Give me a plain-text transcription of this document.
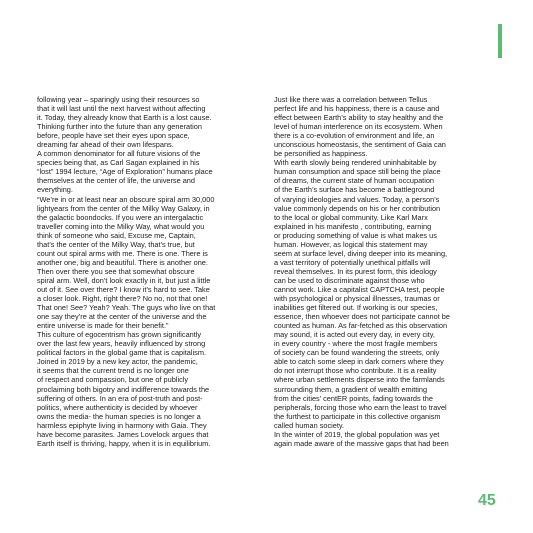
following year – sparingly using their resources so
that it will last until the next harvest without affecting
it. Today, they already know that Earth is a lost cause.
Thinking further into the future than any generation
before, people have set their eyes upon space,
dreaming far ahead of their own lifespans.
A common denominator for all future visions of the
species being that, as Carl Sagan explained in his
“lost” 1994 lecture, “Age of Exploration” humans place
themselves at the center of life, the universe and
everything.
“We’re in or at least near an obscure spiral arm 30,000
lightyears from the center of the Milky Way Galaxy, in
the galactic boondocks. If you were an intergalactic
traveller coming into the Milky Way, what would you
think of someone who said, Excuse me, Captain,
that’s the center of the Milky Way, that’s true, but
count out spiral arms with me. There is one. There is
another one, big and beautiful. There is another one.
Then over there you see that somewhat obscure
spiral arm. Well, don’t look exactly in it, but just a little
out of it. See over there? I know it’s hard to see. Take
a closer look. Right, right there? No no, not that one!
That one! See? Yeah? Yeah. The guys who live on that
one say they’re at the center of the universe and the
entire universe is made for their benefit.”
This culture of egocentrism has grown significantly
over the last few years, heavily influenced by strong
political factors in the global game that is capitalism.
Joined in 2019 by a new key actor, the pandemic,
it seems that the current trend is no longer one
of respect and compassion, but one of publicly
proclaiming both bigotry and indifference towards the
suffering of others. In an era of post-truth and post-
politics, where authenticity is decided by whoever
owns the media- the human species is no longer a
harmless epiphyte living in harmony with Gaia. They
have become parasites. James Lovelock argues that
Earth itself is thriving, happy, when it is in equilibrium.
Just like there was a correlation between Tellus
perfect life and his happiness, there is a cause and
effect between Earth’s ability to stay healthy and the
level of human interference on its ecosystem. When
there is a co-evolution of environment and life, an
unconscious homeostasis, the sentiment of Gaia can
be personified as happiness.
With earth slowly being rendered uninhabitable by
human consumption and space still being the place
of dreams, the current state of human occupation
of the Earth’s surface has become a battleground
of varying ideologies and values. Today, a person’s
value commonly depends on his or her contribution
to the local or global community. Like Karl Marx
explained in his manifesto , contributing, earning
or producing something of value is what makes us
human. However, as logical this statement may
seem at surface level, diving deeper into its meaning,
a vast territory of potentially unethical pitfalls will
reveal themselves. In its purest form, this ideology
can be used to discriminate against those who
cannot work. Like a capitalist CAPTCHA test, people
with psychological or physical illnesses, traumas or
inabilities get filtered out. If working is our species,
essence, then whoever does not participate cannot be
counted as human. As far-fetched as this observation
may sound, it is acted out every day, in every city,
in every country - where the most fragile members
of society can be found wandering the streets, only
able to catch some sleep in dark corners where they
do not interrupt those who contribute. It is a reality
where urban settlements disperse into the farmlands
surrounding them, a gradient of wealth emitting
from the cities’ centER points, fading towards the
peripherals, forcing those who earn the least to travel
the furthest to participate in this collective organism
called human society.
In the winter of 2019, the global population was yet
again made aware of the massive gaps that had been
45
